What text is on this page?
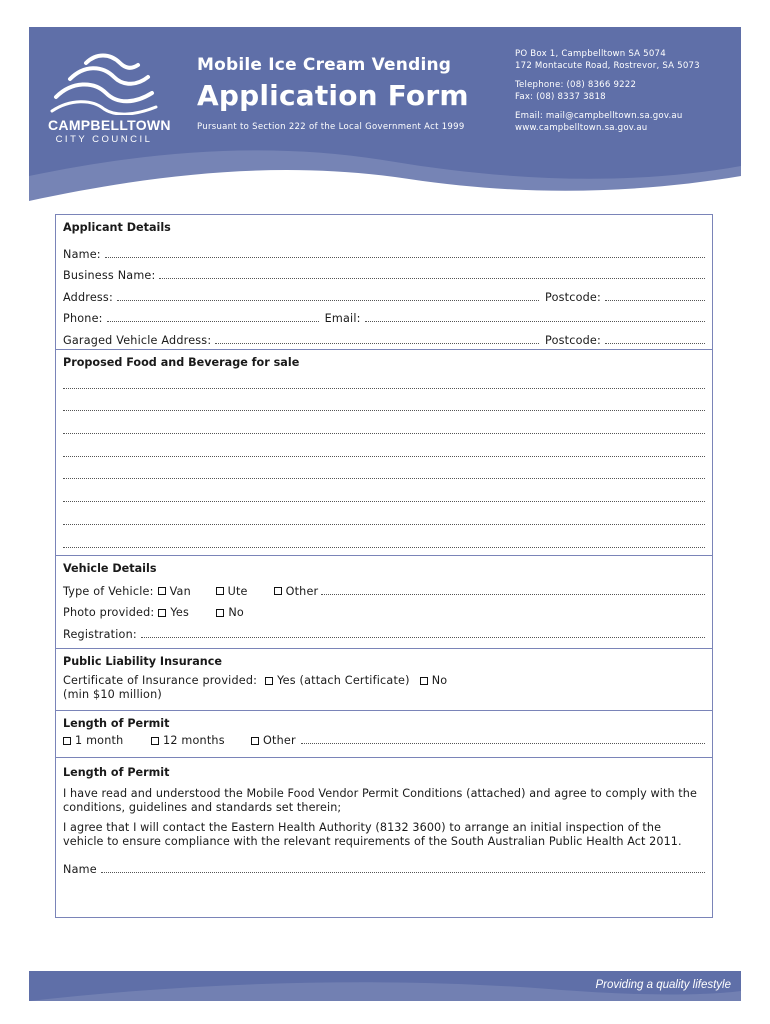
CAMPBELLTOWN
CITY COUNCIL
Mobile Ice Cream Vending
Application Form
Pursuant to Section 222 of the Local Government Act 1999
PO Box 1, Campbelltown SA 5074
172 Montacute Road, Rostrevor, SA 5073
Telephone: (08) 8366 9222
Fax: (08) 8337 3818
Email: mail@campbelltown.sa.gov.au
www.campbelltown.sa.gov.au
Applicant Details
Name:
Business Name:
Address:	Postcode:
Phone:	Email:
Garaged Vehicle Address:	Postcode:
Proposed Food and Beverage for sale
Vehicle Details
Type of Vehicle: Van	Ute	Other
Photo provided: Yes	No
Registration:
Public Liability Insurance
Certificate of Insurance provided: Yes (attach Certificate) No
(min $10 million)
Length of Permit
1 month	12 months	Other
Length of Permit
I have read and understood the Mobile Food Vendor Permit Conditions (attached) and agree to comply with the conditions, guidelines and standards set therein;
I agree that I will contact the Eastern Health Authority (8132 3600) to arrange an initial inspection of the vehicle to ensure compliance with the relevant requirements of the South Australian Public Health Act 2011.
Name
Providing a quality lifestyle
